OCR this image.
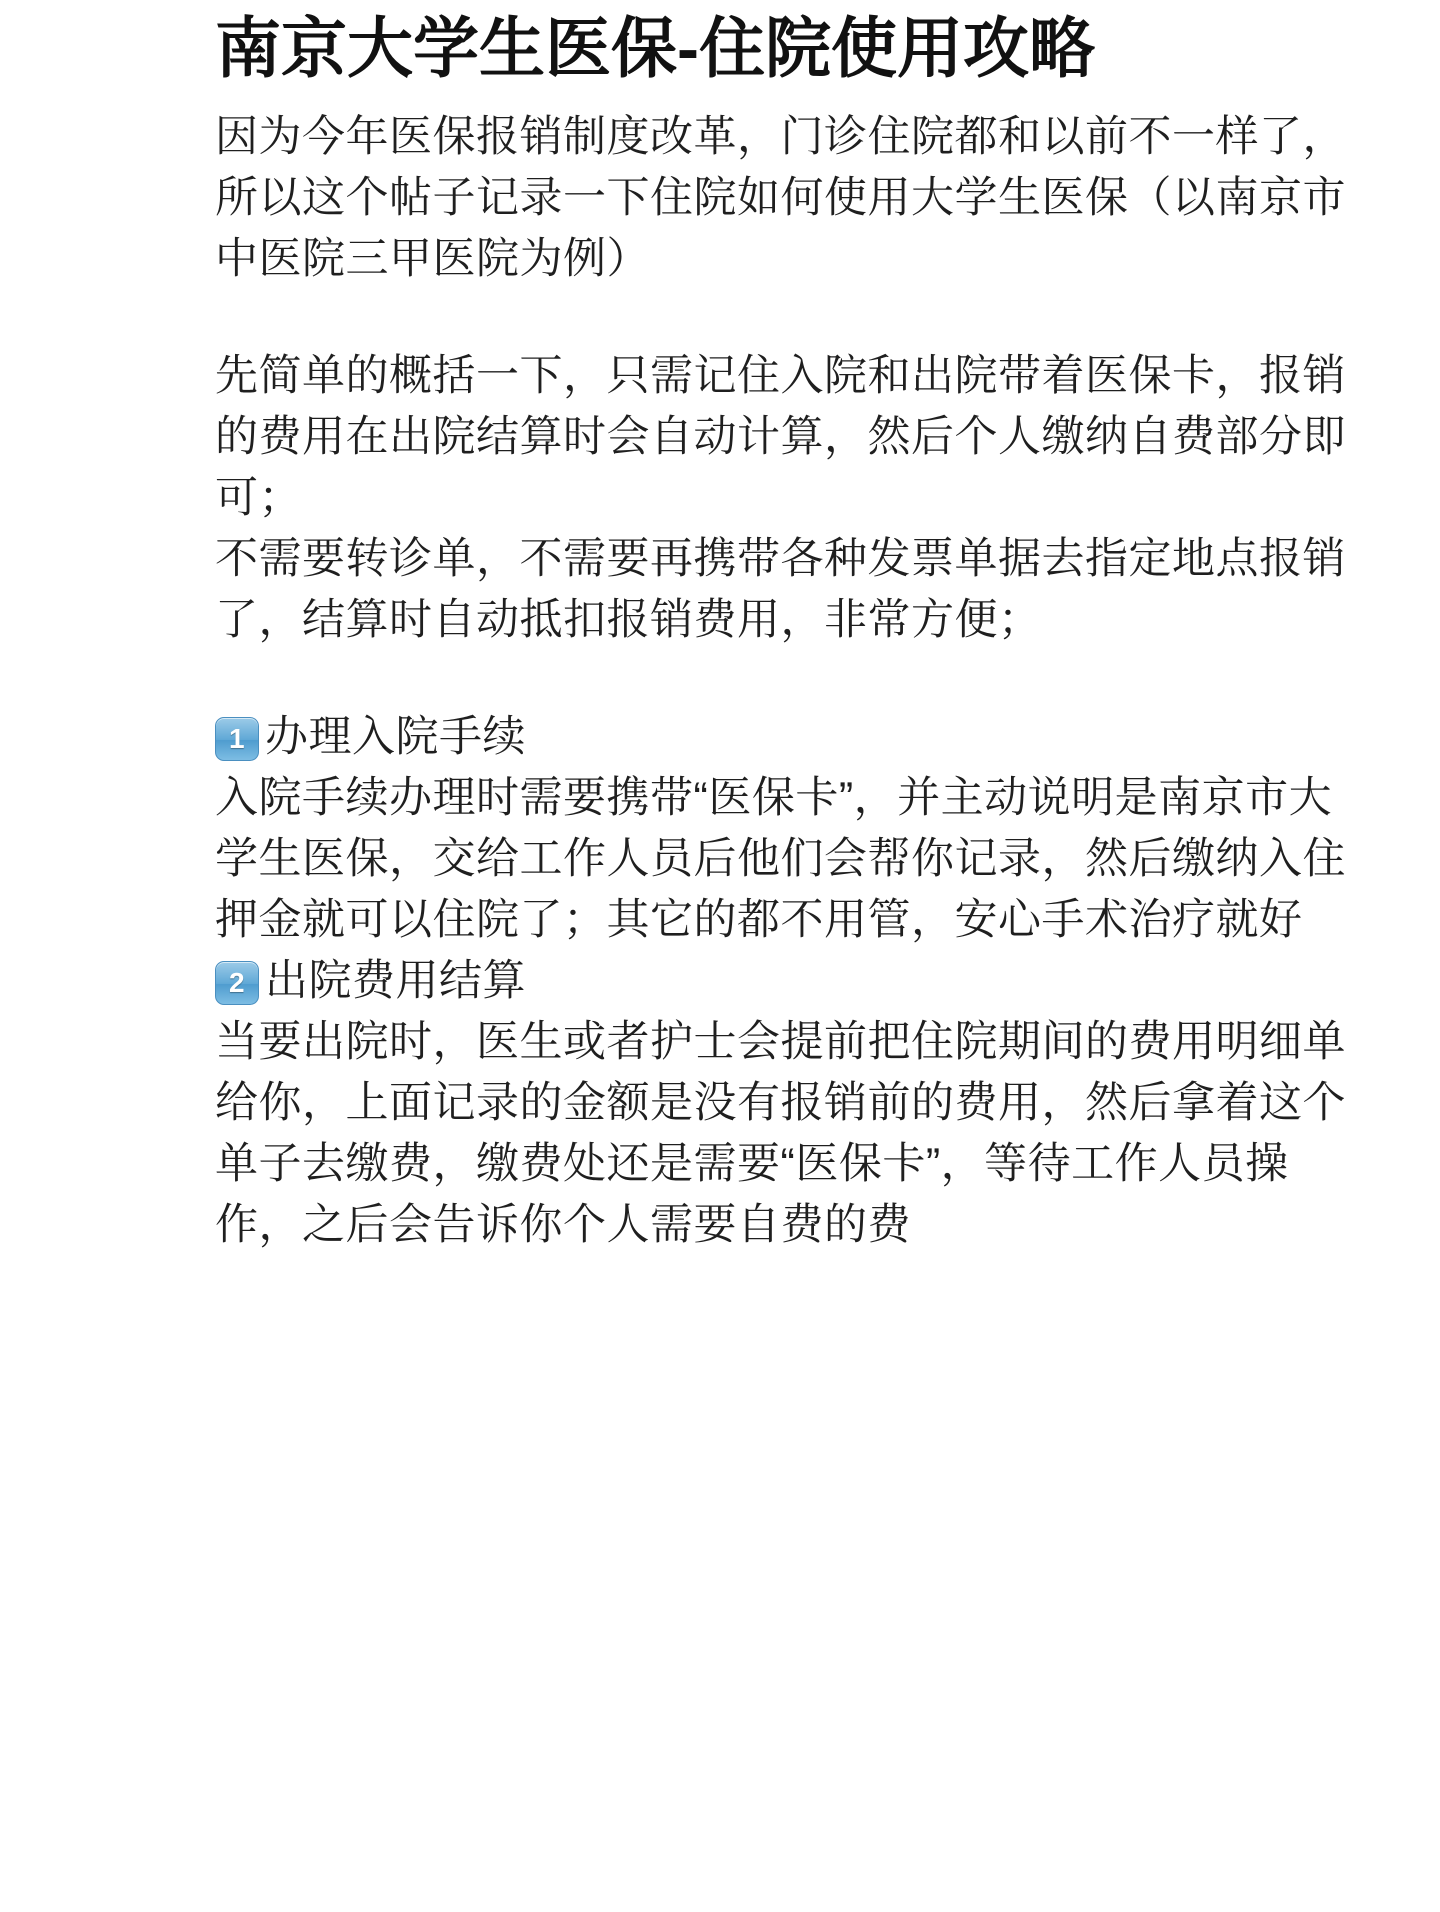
南京大学生医保-住院使用攻略

因为今年医保报销制度改革，门诊住院都和以前不一样了，所以这个帖子记录一下住院如何使用大学生医保（以南京市中医院三甲医院为例）

先简单的概括一下，只需记住入院和出院带着医保卡，报销的费用在出院结算时会自动计算，然后个人缴纳自费部分即可；

不需要转诊单，不需要再携带各种发票单据去指定地点报销了，结算时自动抵扣报销费用，非常方便；

1 办理入院手续

入院手续办理时需要携带“医保卡”，并主动说明是南京市大学生医保，交给工作人员后他们会帮你记录，然后缴纳入住押金就可以住院了；其它的都不用管，安心手术治疗就好

2 出院费用结算

当要出院时，医生或者护士会提前把住院期间的费用明细单给你，上面记录的金额是没有报销前的费用，然后拿着这个单子去缴费，缴费处还是需要“医保卡”，等待工作人员操作，之后会告诉你个人需要自费的费
